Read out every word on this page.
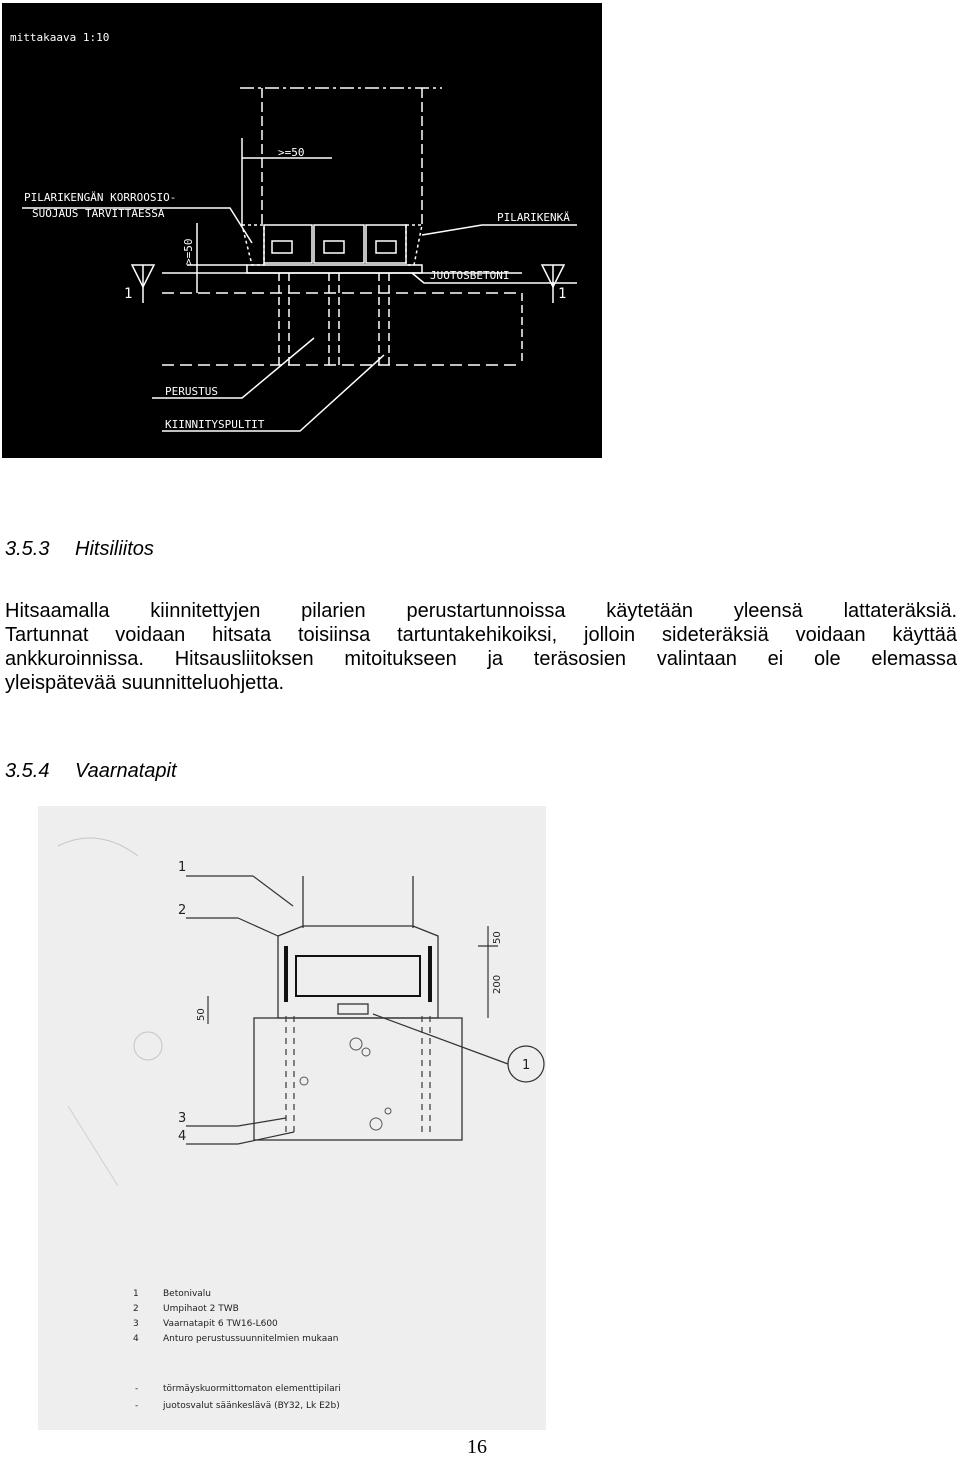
mittakaava 1:10
>=50
>=50
PILARIKENGÄN KORROOSIO-
SUOJAUS TARVITTAESSA	PILARIKENKÄ
JUOTOSBETONI
PERUSTUS
KIINNITYSPULTIT
1	1
3.5.3 Hitsiliitos
Hitsaamalla kiinnitettyjen pilarien perustartunnoissa käytetään yleensä lattateräksiä.
Tartunnat voidaan hitsata toisiinsa tartuntakehikoiksi, jolloin sideteräksiä voidaan käyttää
ankkuroinnissa. Hitsausliitoksen mitoitukseen ja teräsosien valintaan ei ole elemassa
yleispätevää suunnitteluohjetta.
3.5.4 Vaarnatapit
1
2
3
4
50
200
50
1
1	Betonivalu
2	Umpihaot 2 TWB
3	Vaarnatapit 6 TW16-L600
4	Anturo perustussuunnitelmien mukaan
-	törmäyskuormittomaton elementtipilari
-	juotosvalut säänkeslävä (BY32, Lk E2b)
16
